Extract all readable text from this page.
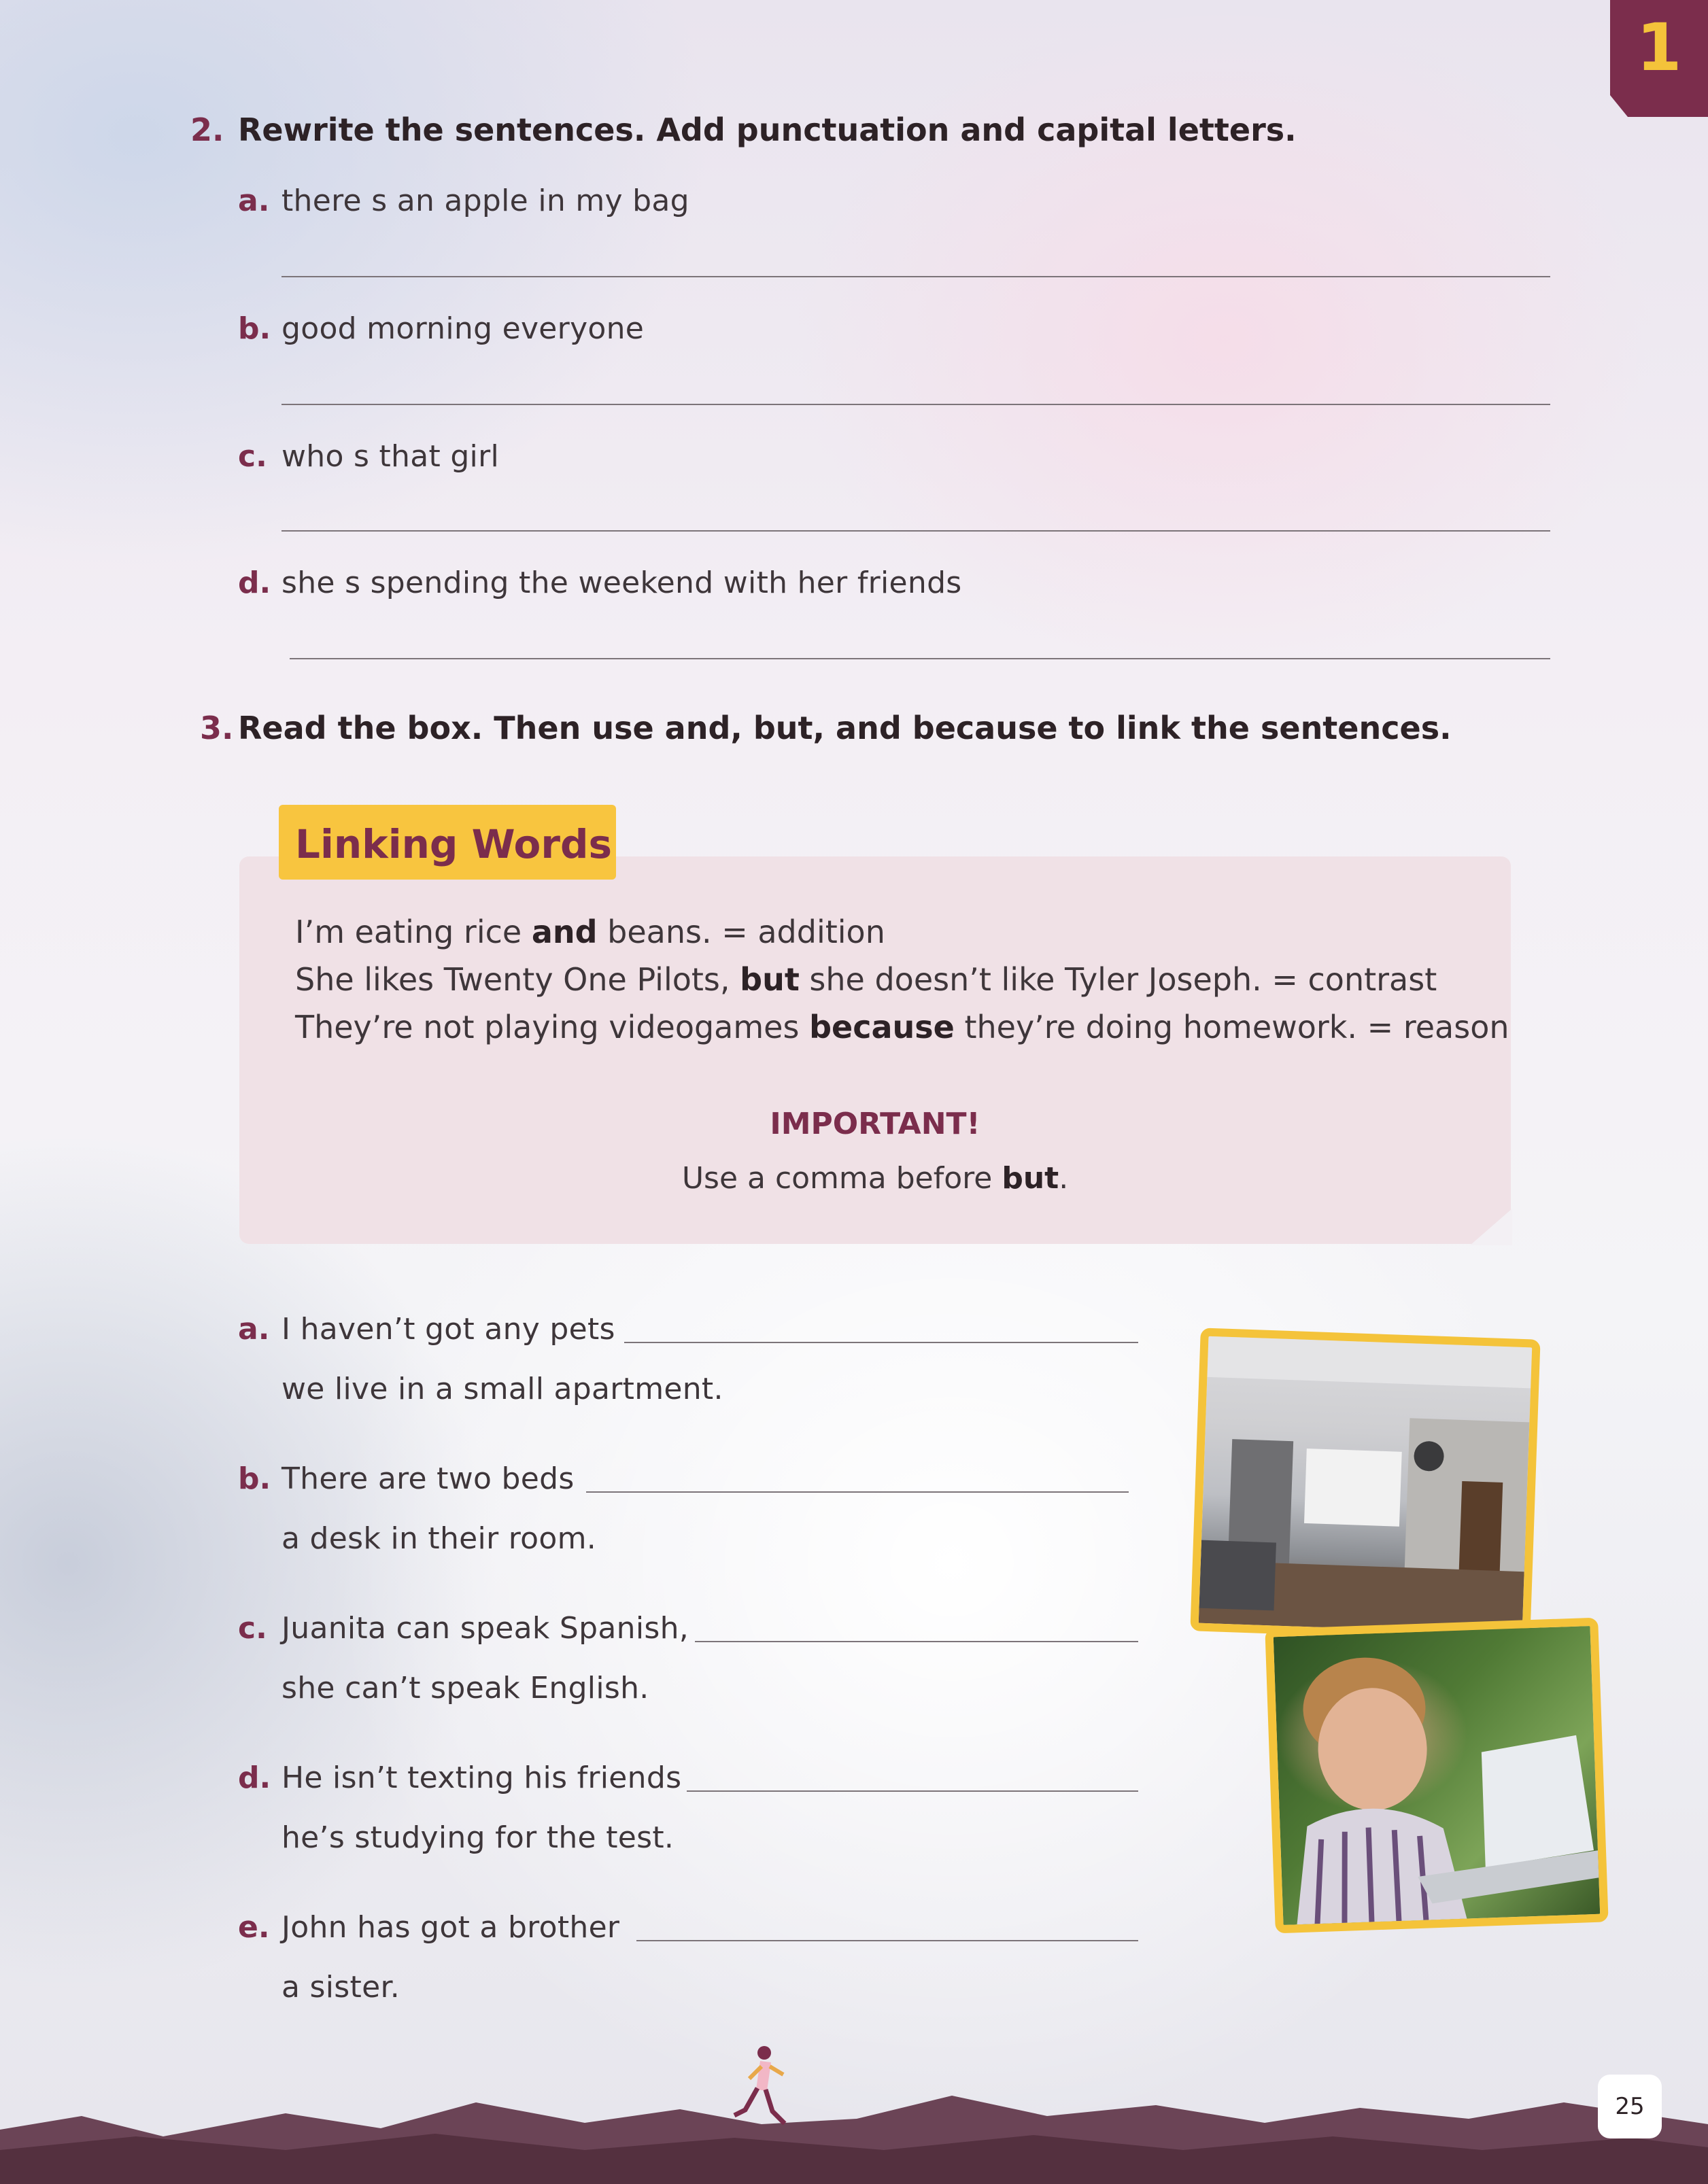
1
2. Rewrite the sentences. Add punctuation and capital letters.
a. there s an apple in my bag
b. good morning everyone
c. who s that girl
d. she s spending the weekend with her friends
3. Read the box. Then use and, but, and because to link the sentences.
Linking Words
I’m eating rice and beans. = addition
She likes Twenty One Pilots, but she doesn’t like Tyler Joseph. = contrast
They’re not playing videogames because they’re doing homework. = reason
IMPORTANT!
Use a comma before but.
a. I haven’t got any pets
we live in a small apartment.
b. There are two beds
a desk in their room.
c. Juanita can speak Spanish,
she can’t speak English.
d. He isn’t texting his friends
he’s studying for the test.
e. John has got a brother
a sister.
25
